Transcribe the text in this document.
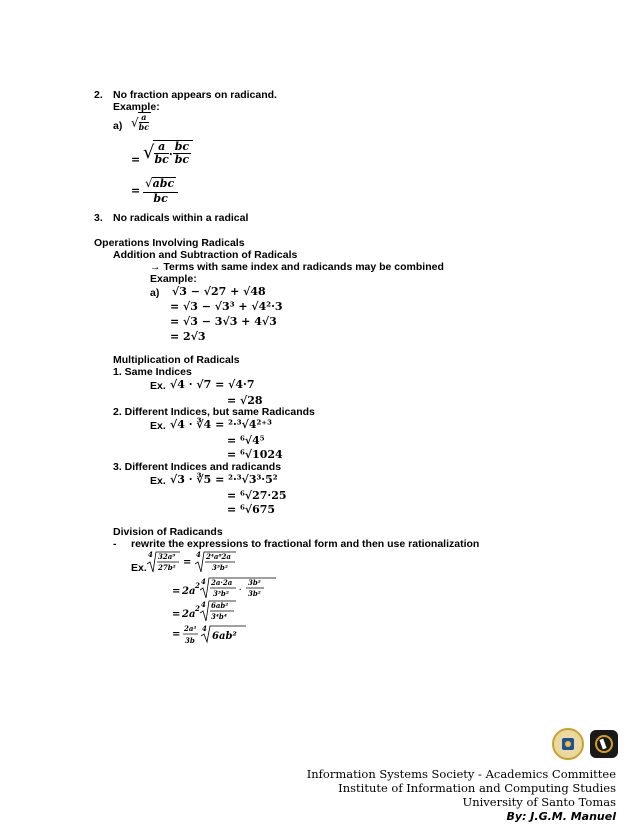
2. No fraction appears on radicand.
Example:
a) √ $\frac{a}{bc}$
= √ $\frac{a}{bc} \cdot \frac{bc}{bc}$
= $\frac{\text{√abc}}{bc}$
3. No radicals within a radical
Operations Involving Radicals
Addition and Subtraction of Radicals
→ Terms with same index and radicands may be combined
Example:
a) √3 − √27 + √48
= √3 − √3³ + √4²·3
= √3 − 3√3 + 4√3
= 2√3
Multiplication of Radicals
1. Same Indices
Ex. √4 · √7 = √4·7
= √28
2. Different Indices, but same Radicands
Ex. √4 · ∛4 = ²·³√4²⁺³
= ⁶√4⁵
= ⁶√1024
3. Different Indices and radicands
Ex. √3 · ∛5 = ²·³√3³·5²
= ⁶√27·25
= ⁶√675
Division of Radicands
- rewrite the expressions to fractional form and then use rationalization
Ex.
4 32a⁹
27b² =
4 2⁴a⁸2a
3³b²
= 2a
2 4 2a·2a
3³b² ·
3b²
3b²
= 2a
2 4 6ab²
3⁴b⁴
=
2a²
3b
4
6ab²
Information Systems Society - Academics Committee
Institute of Information and Computing Studies
University of Santo Tomas
By: J.G.M. Manuel
